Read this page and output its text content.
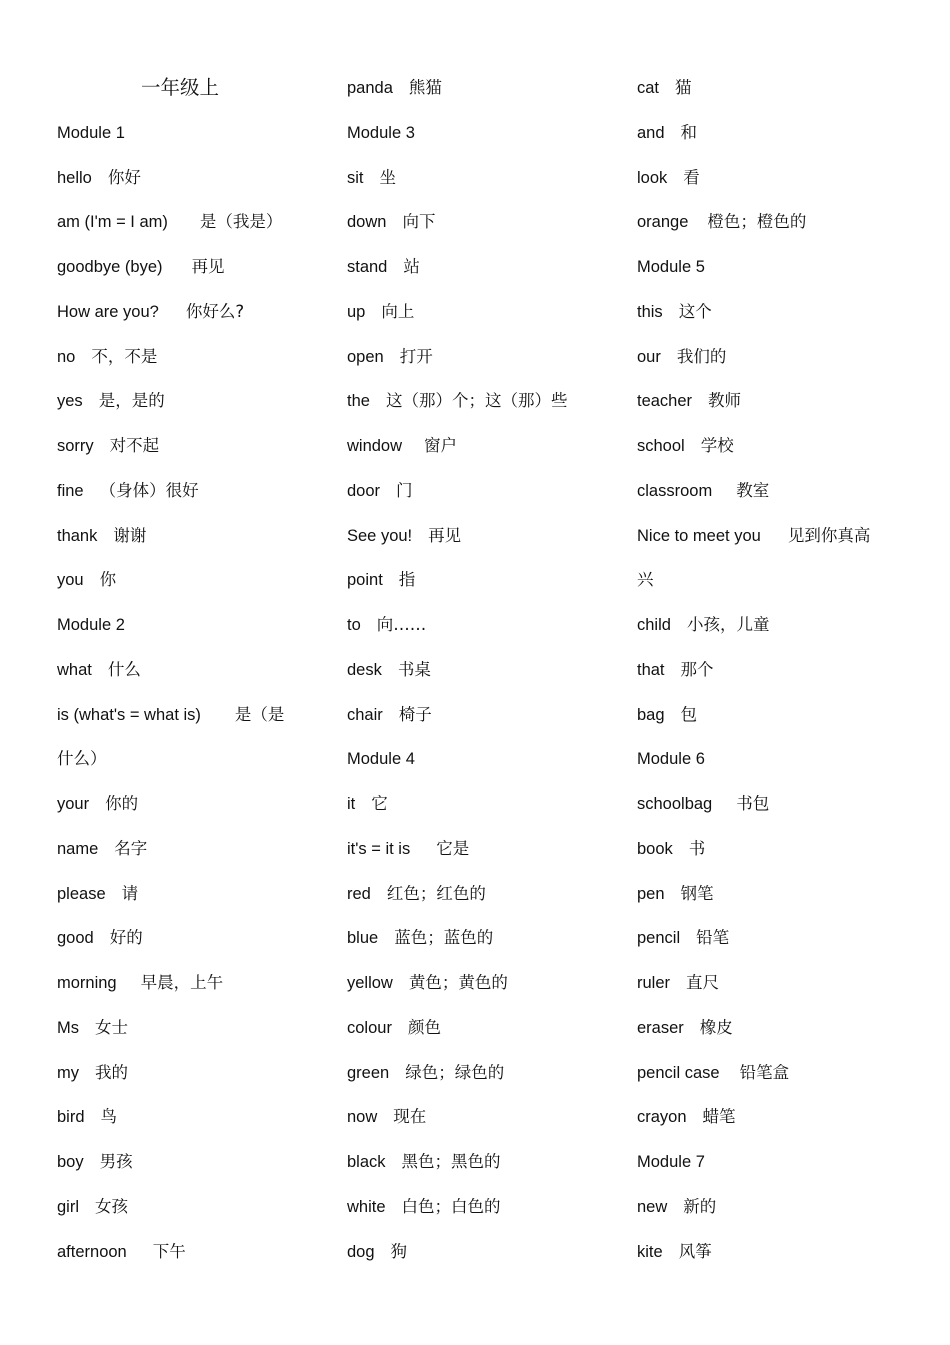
一年级上
Module 1
hello 你好
am (I'm = I am) 是（我是）
goodbye (bye) 再见
How are you? 你好么?
no 不，不是
yes 是，是的
sorry 对不起
fine （身体）很好
thank 谢谢
you 你
Module 2
what 什么
is (what's = what is) 是（是
什么）
your 你的
name 名字
please 请
good 好的
morning 早晨，上午
Ms 女士
my 我的
bird 鸟
boy 男孩
girl 女孩
afternoon 下午
panda 熊猫
Module 3
sit 坐
down 向下
stand 站
up 向上
open 打开
the 这（那）个；这（那）些
window 窗户
door 门
See you! 再见
point 指
to 向……
desk 书桌
chair 椅子
Module 4
it 它
it's = it is 它是
red 红色；红色的
blue 蓝色；蓝色的
yellow 黄色；黄色的
colour 颜色
green 绿色；绿色的
now 现在
black 黑色；黑色的
white 白色；白色的
dog 狗
cat 猫
and 和
look 看
orange 橙色；橙色的
Module 5
this 这个
our 我们的
teacher 教师
school 学校
classroom 教室
Nice to meet you 见到你真高
兴
child 小孩，儿童
that 那个
bag 包
Module 6
schoolbag 书包
book 书
pen 钢笔
pencil 铅笔
ruler 直尺
eraser 橡皮
pencil case 铅笔盒
crayon 蜡笔
Module 7
new 新的
kite 风筝
